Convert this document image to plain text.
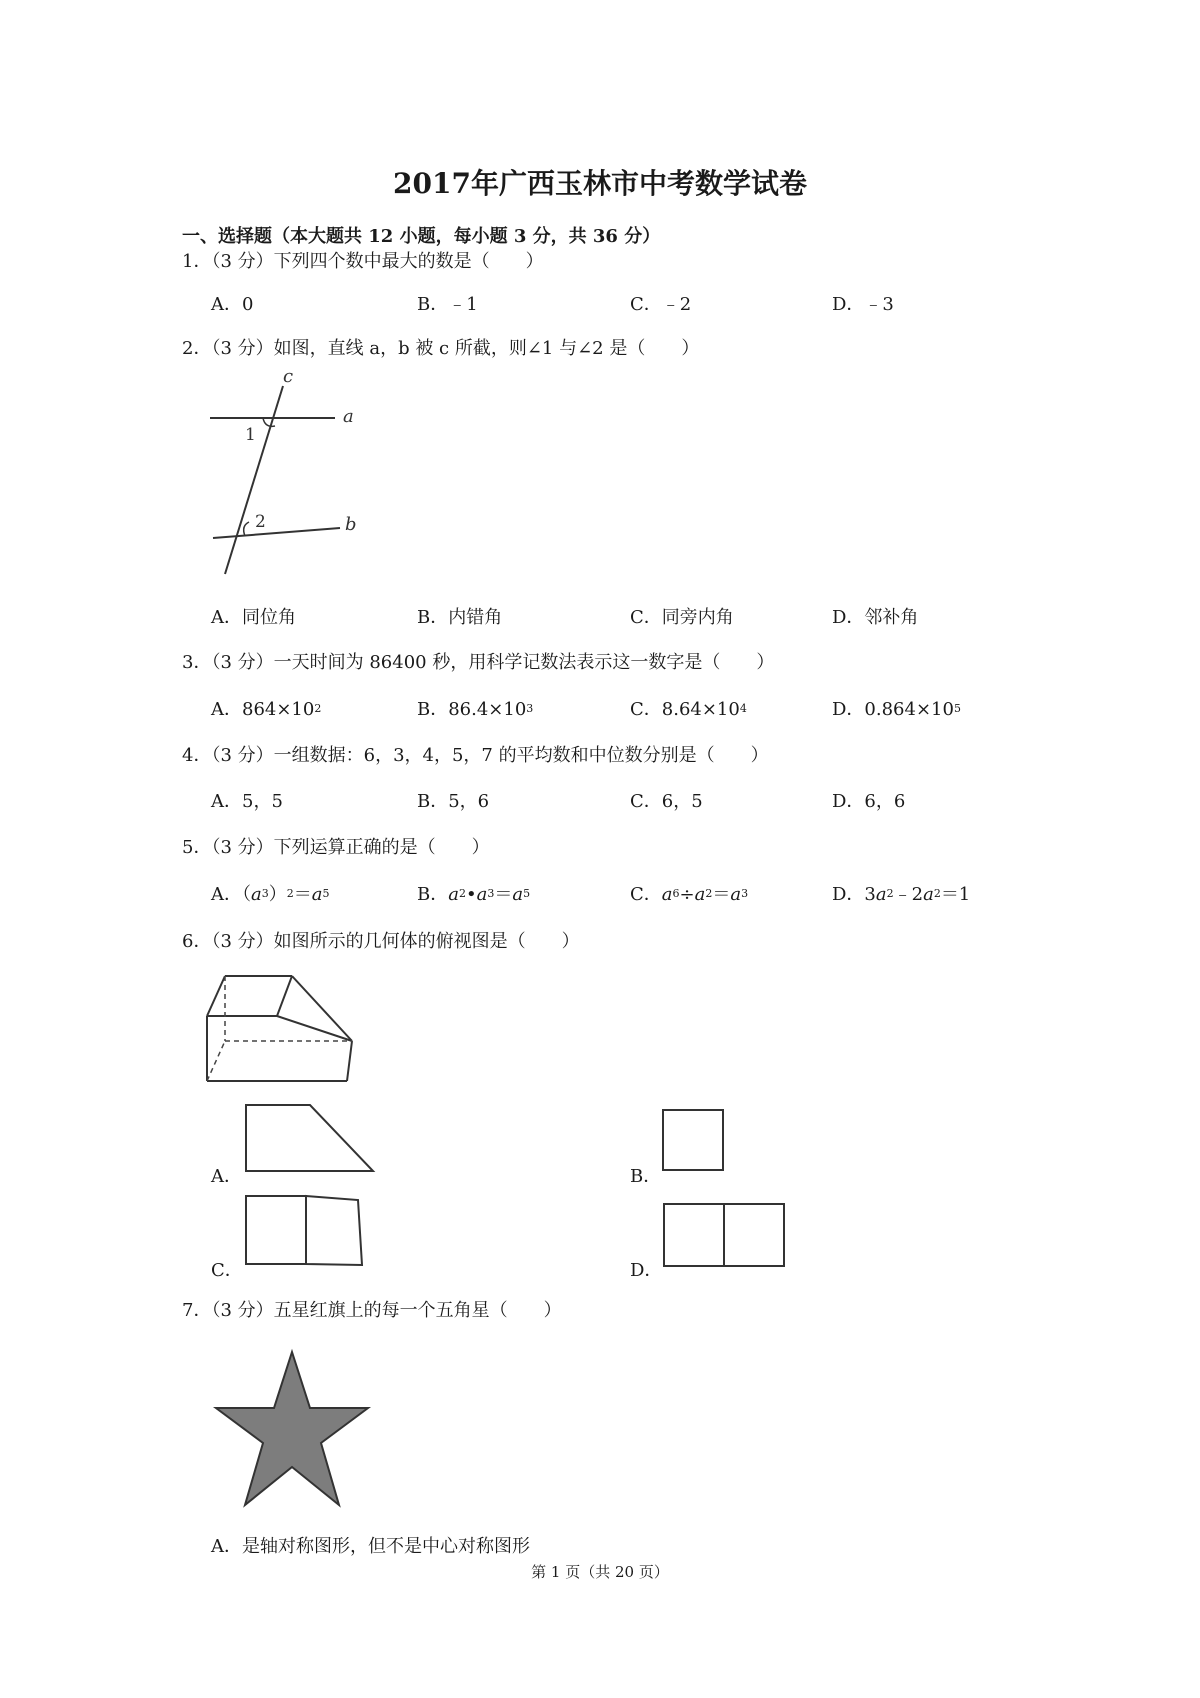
2017年广西玉林市中考数学试卷
一、选择题（本大题共 12 小题，每小题 3 分，共 36 分）
1．（3 分）下列四个数中最大的数是（　　）
A．0	B．﹣1	C．﹣2	D．﹣3
2．（3 分）如图，直线 a，b 被 c 所截，则∠1 与∠2 是（　　）
c
a
b
1
2
A．同位角	B．内错角	C．同旁内角	D．邻补角
3．（3 分）一天时间为 86400 秒，用科学记数法表示这一数字是（　　）
A．$864\times 10^2$	B．$86.4\times 10^3$	C．$8.64\times 10^4$	D．$0.864\times 10^5$
4．（3 分）一组数据：6，3，4，5，7 的平均数和中位数分别是（　　）
A．5，5	B．5，6	C．6，5	D．6，6
5．（3 分）下列运算正确的是（　　）
A．$(a^3)^2=a^5$	B．$a^2•a^3=a^5$	C．$a^6\div a^2=a^3$	D．$3a^2﹣2a^2=1$
6．（3 分）如图所示的几何体的俯视图是（　　）
A．	B．
C．	D．
7．（3 分）五星红旗上的每一个五角星（　　）
A．是轴对称图形，但不是中心对称图形
第 1 页（共 20 页）
